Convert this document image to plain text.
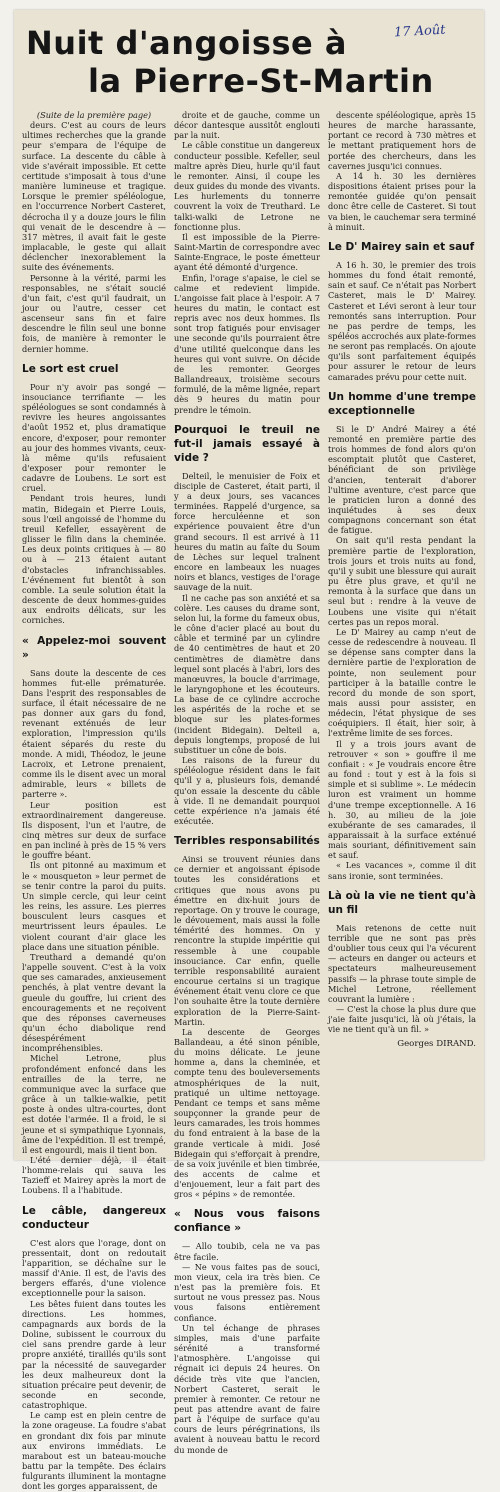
Nuit d'angoisse à
la Pierre-St-Martin
17 Août

(Suite de la première page)

deurs. C'est au cours de leurs ultimes recherches que la grande peur s'empara de l'équipe de surface. La descente du câble à vide s'avérait impossible. Et cette certitude s'imposait à tous d'une manière lumineuse et tragique. Lorsque le premier spéléologue, en l'occurrence Norbert Casteret, décrocha il y a douze jours le filin qui venait de le descendre à — 317 mètres, il avait fait le geste implacable, le geste qui allait déclencher inexorablement la suite des événements.

Personne à la vérité, parmi les responsables, ne s'était soucié d'un fait, c'est qu'il faudrait, un jour ou l'autre, cesser cet ascenseur sans fin et faire descendre le filin seul une bonne fois, de manière à remonter le dernier homme.

Le sort est cruel

Pour n'y avoir pas songé — insouciance terrifiante — les spéléologues se sont condamnés à revivre les heures angoissantes d'août 1952 et, plus dramatique encore, d'exposer, pour remonter au jour des hommes vivants, ceux-là même qu'ils refusaient d'exposer pour remonter le cadavre de Loubens. Le sort est cruel.

Pendant trois heures, lundi matin, Bidegain et Pierre Louis, sous l'œil angoissé de l'homme du treuil Kefeller, essayèrent de glisser le filin dans la cheminée. Les deux points critiques à — 80 ou à — 213 étaient autant d'obstacles infranchissables. L'événement fut bientôt à son comble. La seule solution était la descente de deux hommes-guides aux endroits délicats, sur les corniches.

« Appelez-moi souvent »

Sans doute la descente de ces hommes fut-elle prématurée. Dans l'esprit des responsables de surface, il était nécessaire de ne pas donner aux gars du fond, revenant exténués de leur exploration, l'impression qu'ils étaient séparés du reste du monde. A midi, Théodoz, le jeune Lacroix, et Letrone prenaient, comme ils le disent avec un moral admirable, leurs « billets de parterre ».

Leur position est extraordinairement dangereuse. Ils disposent, l'un et l'autre, de cinq mètres sur deux de surface en pan incliné à près de 15 % vers le gouffre béant.

Ils ont pitonné au maximum et le « mousqueton » leur permet de se tenir contre la paroi du puits. Un simple cercle, qui leur ceint les reins, les assure. Les pierres bousculent leurs casques et meurtrissent leurs épaules. Le violent courant d'air glace les place dans une situation pénible.

Treuthard a demandé qu'on l'appelle souvent. C'est à la voix que ses camarades, anxieusement penchés, à plat ventre devant la gueule du gouffre, lui crient des encouragements et ne reçoivent que des réponses caverneuses qu'un écho diabolique rend désespérément incompréhensibles.

Michel Letrone, plus profondément enfoncé dans les entrailles de la terre, ne communique avec la surface que grâce à un talkie-walkie, petit poste à ondes ultra-courtes, dont est dotée l'armée. Il a froid, le si jeune et si sympathique Lyonnais, âme de l'expédition. Il est trempé, il est engourdi, mais il tient bon.

L'été dernier déjà, il était l'homme-relais qui sauva les Tazieff et Mairey après la mort de Loubens. Il a l'habitude.

Le câble, dangereux conducteur

C'est alors que l'orage, dont on pressentait, dont on redoutait l'apparition, se déchaîne sur le massif d'Anie. Il est, de l'avis des bergers effarés, d'une violence exceptionnelle pour la saison.

Les bêtes fuient dans toutes les directions. Les hommes, campagnards aux bords de la Doline, subissent le courroux du ciel sans prendre garde à leur propre anxiété, tiraillés qu'ils sont par la nécessité de sauvegarder les deux malheureux dont la situation précaire peut devenir, de seconde en seconde, catastrophique.

Le camp est en plein centre de la zone orageuse. La foudre s'abat en grondant dix fois par minute aux environs immédiats. Le marabout est un bateau-mouche battu par la tempête. Des éclairs fulgurants illuminent la montagne dont les gorges apparaissent, de

droite et de gauche, comme un décor dantesque aussitôt englouti par la nuit.

Le câble constitue un dangereux conducteur possible. Kefeller, seul maître après Dieu, hurle qu'il faut le remonter. Ainsi, il coupe les deux guides du monde des vivants. Les hurlements du tonnerre couvrent la voix de Treuthard. Le talki-walki de Letrone ne fonctionne plus.

Il est impossible de la Pierre-Saint-Martin de correspondre avec Sainte-Engrace, le poste émetteur ayant été démonté d'urgence.

Enfin, l'orage s'apaise, le ciel se calme et redevient limpide. L'angoisse fait place à l'espoir. A 7 heures du matin, le contact est repris avec nos deux hommes. Ils sont trop fatigués pour envisager une seconde qu'ils pourraient être d'une utilité quelconque dans les heures qui vont suivre. On décide de les remonter. Georges Ballandreaux, troisième secours formulé, de la même lignée, repart dès 9 heures du matin pour prendre le témoin.

Pourquoi le treuil ne fut-il jamais essayé à vide ?

Delteil, le menuisier de Foix et disciple de Casteret, était parti, il y a deux jours, ses vacances terminées. Rappelé d'urgence, sa force herculéenne et son expérience pouvaient être d'un grand secours. Il est arrivé à 11 heures du matin au faîte du Soum de Lèches sur lequel traînent encore en lambeaux les nuages noirs et blancs, vestiges de l'orage sauvage de la nuit.

Il ne cache pas son anxiété et sa colère. Les causes du drame sont, selon lui, la forme du fameux obus, le cône d'acier placé au bout du câble et terminé par un cylindre de 40 centimètres de haut et 20 centimètres de diamètre dans lequel sont placés à l'abri, lors des manœuvres, la boucle d'arrimage, le laryngophone et les écouteurs. La base de ce cylindre accroche les aspérités de la roche et se bloque sur les plates-formes (incident Bidegain). Delteil a, depuis longtemps, proposé de lui substituer un cône de bois.

Les raisons de la fureur du spéléologue résident dans le fait qu'il y a, plusieurs fois, demandé qu'on essaie la descente du câble à vide. Il ne demandait pourquoi cette expérience n'a jamais été exécutée.

Terribles responsabilités

Ainsi se trouvent réunies dans ce dernier et angoissant épisode toutes les considérations et critiques que nous avons pu émettre en dix-huit jours de reportage. On y trouve le courage, le dévouement, mais aussi la folle témérité des hommes. On y rencontre la stupide impéritie qui ressemble à une coupable insouciance. Car enfin, quelle terrible responsabilité auraient encourue certains si un tragique événement était venu clore ce que l'on souhaite être la toute dernière exploration de la Pierre-Saint-Martin.

La descente de Georges Ballandeau, a été sinon pénible, du moins délicate. Le jeune homme a, dans la cheminée, et compte tenu des bouleversements atmosphériques de la nuit, pratiqué un ultime nettoyage. Pendant ce temps et sans même soupçonner la grande peur de leurs camarades, les trois hommes du fond entraient à la base de la grande verticale à midi. José Bidegain qui s'efforçait à prendre, de sa voix juvénile et bien timbrée, des accents de calme et d'enjouement, leur a fait part des gros « pépins » de remontée.

« Nous vous faisons confiance »

— Allo toubib, cela ne va pas être facile.

— Ne vous faites pas de souci, mon vieux, cela ira très bien. Ce n'est pas la première fois. Et surtout ne vous pressez pas. Nous vous faisons entièrement confiance.

Un tel échange de phrases simples, mais d'une parfaite sérénité a transformé l'atmosphère. L'angoisse qui régnait ici depuis 24 heures. On décide très vite que l'ancien, Norbert Casteret, serait le premier à remonter. Ce retour ne peut pas attendre avant de faire part à l'équipe de surface qu'au cours de leurs pérégrinations, ils avaient à nouveau battu le record du monde de

descente spéléologique, après 15 heures de marche harassante, portant ce record à 730 mètres et le mettant pratiquement hors de portée des chercheurs, dans les cavernes jusqu'ici connues.

A 14 h. 30 les dernières dispositions étaient prises pour la remontée guidée qu'on pensait donc être celle de Casteret. Si tout va bien, le cauchemar sera terminé à minuit.

Le D' Mairey sain et sauf

A 16 h. 30, le premier des trois hommes du fond était remonté, sain et sauf. Ce n'était pas Norbert Casteret, mais le D' Mairey. Casteret et Lévi seront à leur tour remontés sans interruption. Pour ne pas perdre de temps, les spéléos accrochés aux plate-formes ne seront pas remplacés. On ajoute qu'ils sont parfaitement équipés pour assurer le retour de leurs camarades prévu pour cette nuit.

Un homme d'une trempe exceptionnelle

Si le D' André Mairey a été remonté en première partie des trois hommes de fond alors qu'on escomptait plutôt que Casteret, bénéficiant de son privilège d'ancien, tenterait d'aborer l'ultime aventure, c'est parce que le praticien luron a donné des inquiétudes à ses deux compagnons concernant son état de fatigue.

On sait qu'il resta pendant la première partie de l'exploration, trois jours et trois nuits au fond, qu'il y subit une blessure qui aurait pu être plus grave, et qu'il ne remonta à la surface que dans un seul but : rendre à la veuve de Loubens une visite qui n'était certes pas un repos moral.

Le D' Mairey au camp n'eut de cesse de redescendre à nouveau. Il se dépense sans compter dans la dernière partie de l'exploration de pointe, non seulement pour participer à la bataille contre le record du monde de son sport, mais aussi pour assister, en médecin, l'état physique de ses coéquipiers. Il était, hier soir, à l'extrême limite de ses forces.

Il y a trois jours avant de retrouver « son » gouffre il me confiait : « Je voudrais encore être au fond : tout y est à la fois si simple et si sublime ». Le médecin luron est vraiment un homme d'une trempe exceptionnelle. A 16 h. 30, au milieu de la joie exubérante de ses camarades, il apparaissait à la surface exténué mais souriant, définitivement sain et sauf.

« Les vacances », comme il dit sans ironie, sont terminées.

Là où la vie ne tient qu'à un fil

Mais retenons de cette nuit terrible que ne sont pas près d'oublier tous ceux qui l'a vécurent — acteurs en danger ou acteurs et spectateurs malheureusement passifs — la phrase toute simple de Michel Letrone, réellement couvrant la lumière :

— C'est la chose la plus dure que j'aie faite jusqu'ici, là où j'étais, la vie ne tient qu'à un fil. »

Georges DIRAND.
